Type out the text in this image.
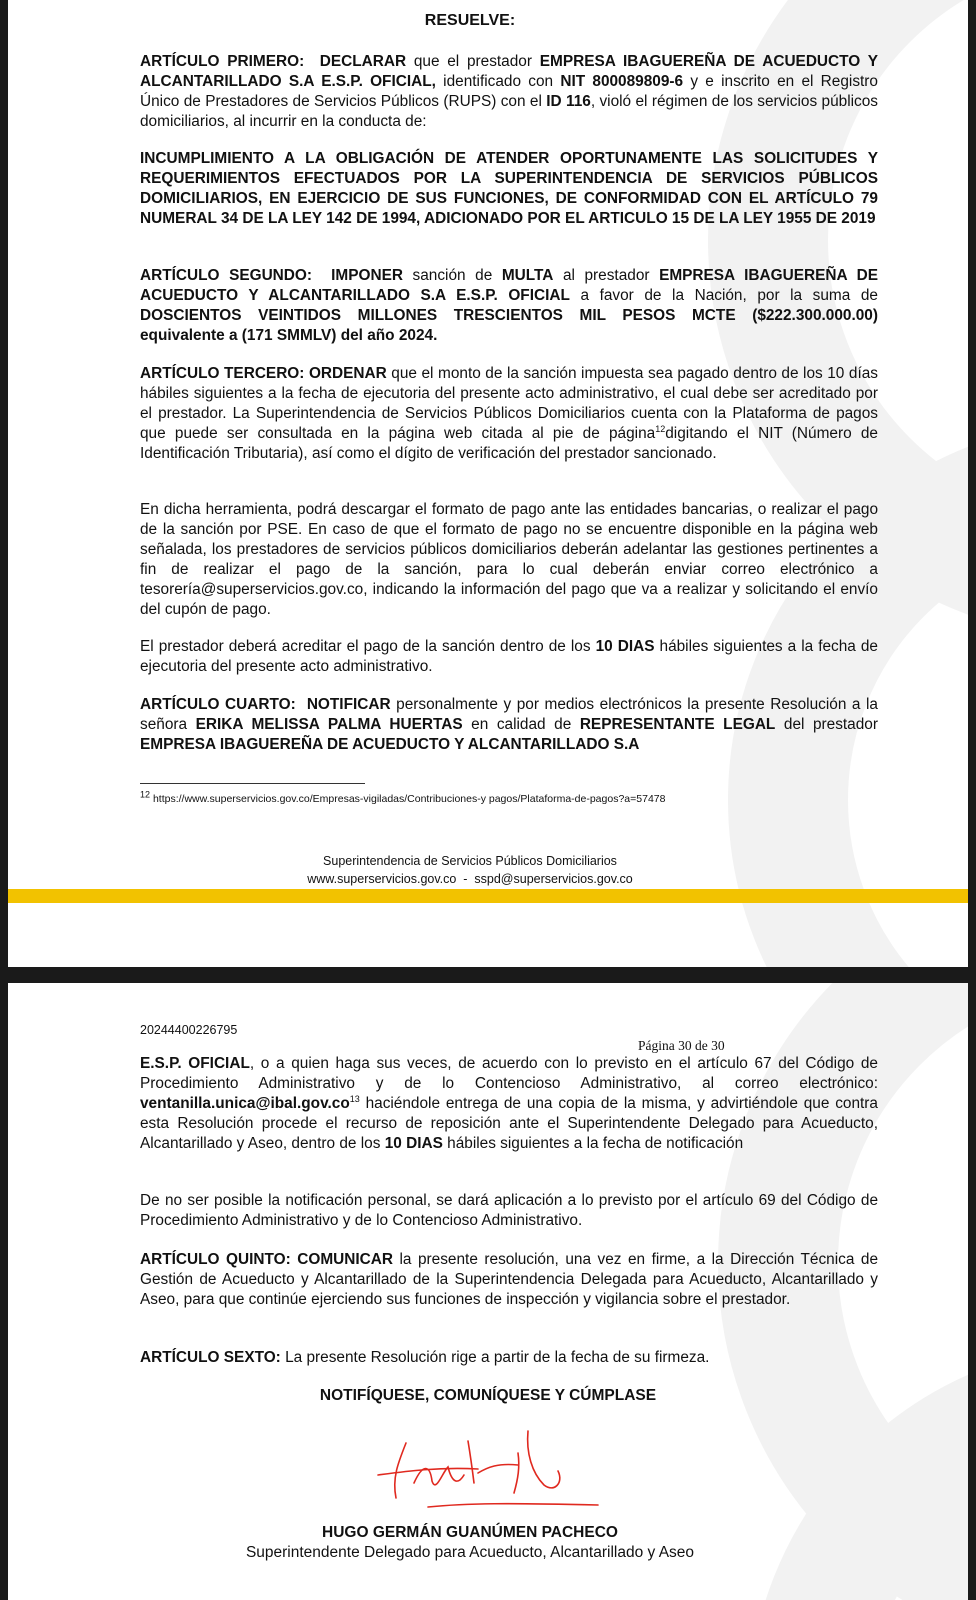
RESUELVE:

ARTÍCULO PRIMERO: DECLARAR que el prestador EMPRESA IBAGUEREÑA DE ACUEDUCTO Y ALCANTARILLADO S.A E.S.P. OFICIAL, identificado con NIT 800089809-6 y e inscrito en el Registro Único de Prestadores de Servicios Públicos (RUPS) con el ID 116, violó el régimen de los servicios públicos domiciliarios, al incurrir en la conducta de:

INCUMPLIMIENTO A LA OBLIGACIÓN DE ATENDER OPORTUNAMENTE LAS SOLICITUDES Y REQUERIMIENTOS EFECTUADOS POR LA SUPERINTENDENCIA DE SERVICIOS PÚBLICOS DOMICILIARIOS, EN EJERCICIO DE SUS FUNCIONES, DE CONFORMIDAD CON EL ARTÍCULO 79 NUMERAL 34 DE LA LEY 142 DE 1994, ADICIONADO POR EL ARTICULO 15 DE LA LEY 1955 DE 2019

ARTÍCULO SEGUNDO: IMPONER sanción de MULTA al prestador EMPRESA IBAGUEREÑA DE ACUEDUCTO Y ALCANTARILLADO S.A E.S.P. OFICIAL a favor de la Nación, por la suma de DOSCIENTOS VEINTIDOS MILLONES TRESCIENTOS MIL PESOS MCTE ($222.300.000.00) equivalente a (171 SMMLV) del año 2024.

ARTÍCULO TERCERO: ORDENAR que el monto de la sanción impuesta sea pagado dentro de los 10 días hábiles siguientes a la fecha de ejecutoria del presente acto administrativo, el cual debe ser acreditado por el prestador. La Superintendencia de Servicios Públicos Domiciliarios cuenta con la Plataforma de pagos que puede ser consultada en la página web citada al pie de página$^{12}$digitando el NIT (Número de Identificación Tributaria), así como el dígito de verificación del prestador sancionado.

En dicha herramienta, podrá descargar el formato de pago ante las entidades bancarias, o realizar el pago de la sanción por PSE. En caso de que el formato de pago no se encuentre disponible en la página web señalada, los prestadores de servicios públicos domiciliarios deberán adelantar las gestiones pertinentes a fin de realizar el pago de la sanción, para lo cual deberán enviar correo electrónico a tesorería@superservicios.gov.co, indicando la información del pago que va a realizar y solicitando el envío del cupón de pago.

El prestador deberá acreditar el pago de la sanción dentro de los 10 DIAS hábiles siguientes a la fecha de ejecutoria del presente acto administrativo.

ARTÍCULO CUARTO: NOTIFICAR personalmente y por medios electrónicos la presente Resolución a la señora ERIKA MELISSA PALMA HUERTAS en calidad de REPRESENTANTE LEGAL del prestador EMPRESA IBAGUEREÑA DE ACUEDUCTO Y ALCANTARILLADO S.A

$^{12}$ https://www.superservicios.gov.co/Empresas-vigiladas/Contribuciones-y pagos/Plataforma-de-pagos?a=57478

Superintendencia de Servicios Públicos Domiciliarios

www.superservicios.gov.co  -  sspd@superservicios.gov.co

20244400226795

Página 30 de 30

E.S.P. OFICIAL, o a quien haga sus veces, de acuerdo con lo previsto en el artículo 67 del Código de Procedimiento Administrativo y de lo Contencioso Administrativo, al correo electrónico: $ventanilla.unica@ibal.gov.co^{13}$ haciéndole entrega de una copia de la misma, y advirtiéndole que contra esta Resolución procede el recurso de reposición ante el Superintendente Delegado para Acueducto, Alcantarillado y Aseo, dentro de los 10 DIAS hábiles siguientes a la fecha de notificación

De no ser posible la notificación personal, se dará aplicación a lo previsto por el artículo 69 del Código de Procedimiento Administrativo y de lo Contencioso Administrativo.

ARTÍCULO QUINTO: COMUNICAR la presente resolución, una vez en firme, a la Dirección Técnica de Gestión de Acueducto y Alcantarillado de la Superintendencia Delegada para Acueducto, Alcantarillado y Aseo, para que continúe ejerciendo sus funciones de inspección y vigilancia sobre el prestador.

ARTÍCULO SEXTO: La presente Resolución rige a partir de la fecha de su firmeza.

NOTIFÍQUESE, COMUNÍQUESE Y CÚMPLASE

HUGO GERMÁN GUANÚMEN PACHECO

Superintendente Delegado para Acueducto, Alcantarillado y Aseo
